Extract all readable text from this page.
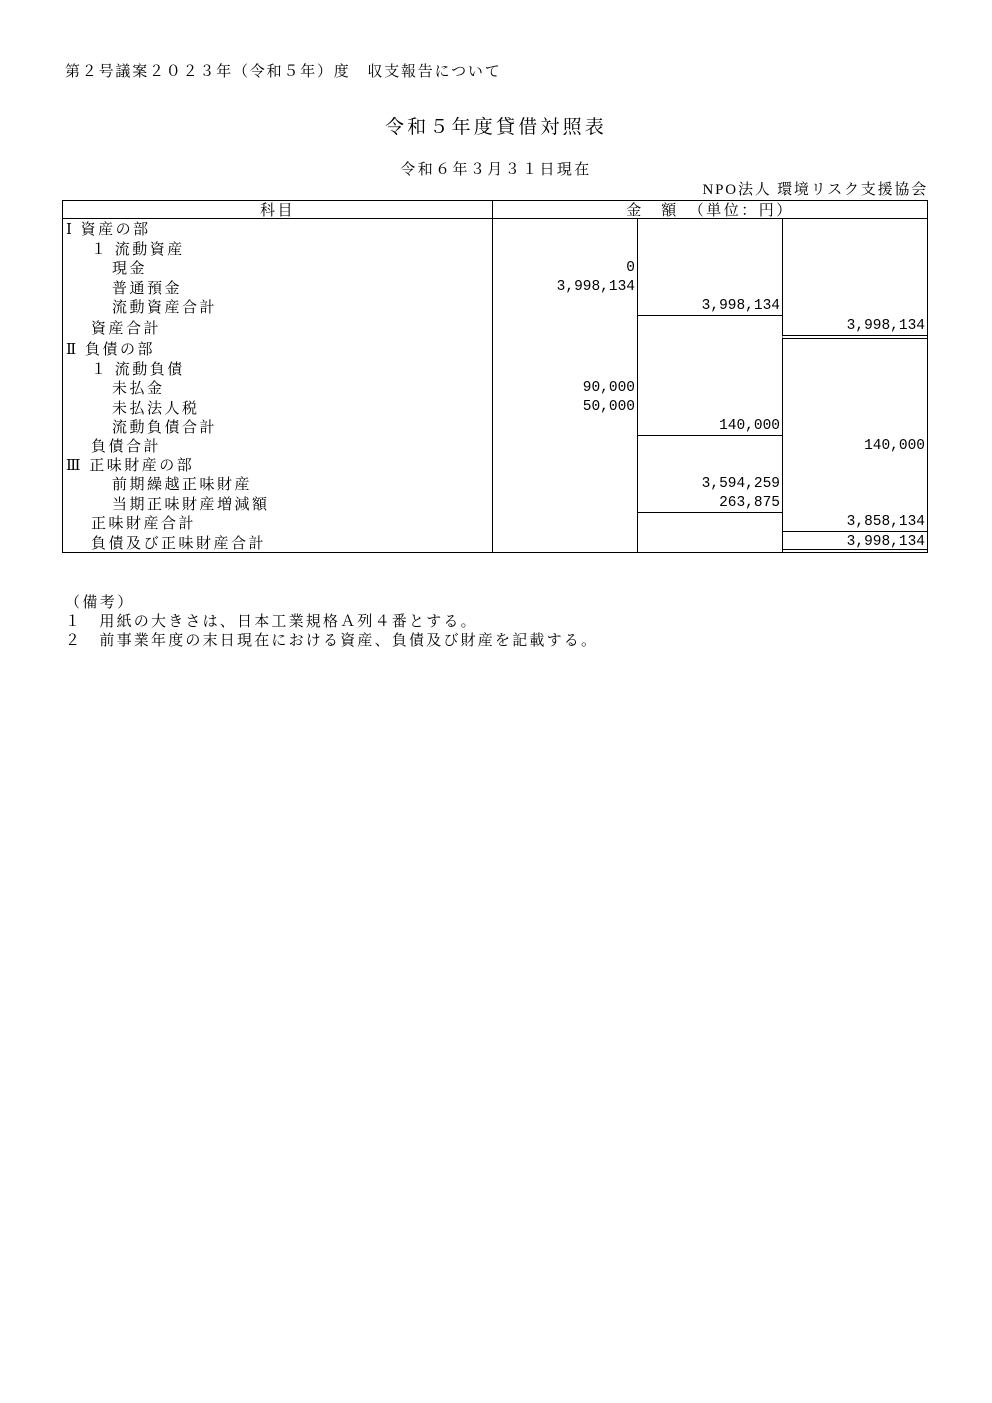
第２号議案２０２３年（令和５年）度　収支報告について
令和５年度貸借対照表
令和６年３月３１日現在
NPO法人 環境リスク支援協会
科目	金　額　（単位：円）
Ⅰ 資産の部
１ 流動資産
現金	0
普通預金	3,998,134
流動資産合計	3,998,134
資産合計	3,998,134
Ⅱ 負債の部
１ 流動負債
未払金	90,000
未払法人税	50,000
流動負債合計	140,000
負債合計	140,000
Ⅲ 正味財産の部
前期繰越正味財産	3,594,259
当期正味財産増減額	263,875
正味財産合計	3,858,134
負債及び正味財産合計	3,998,134
（備考）
１　用紙の大きさは、日本工業規格Ａ列４番とする。
２　前事業年度の末日現在における資産、負債及び財産を記載する。
